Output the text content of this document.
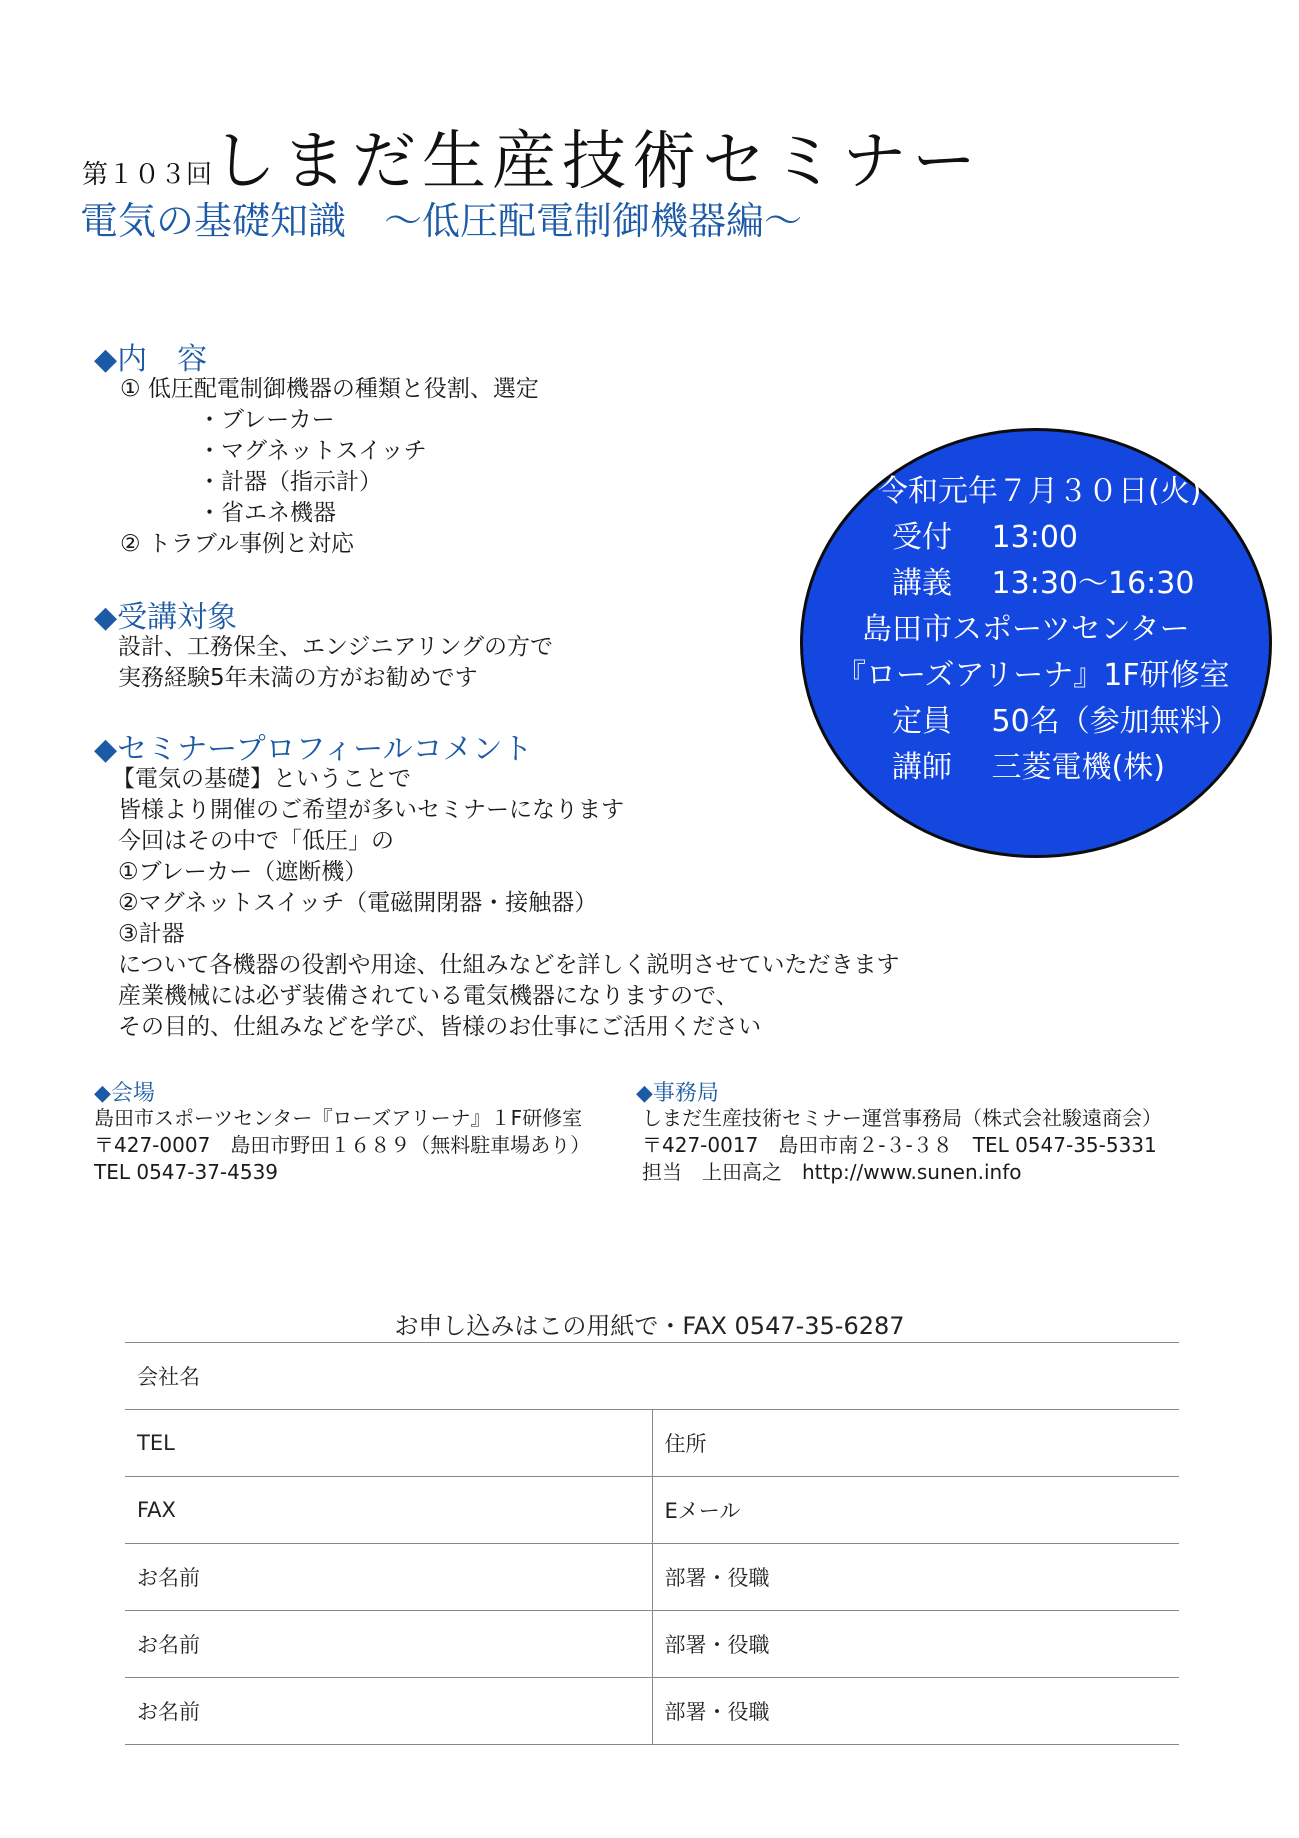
第１０３回しまだ生産技術セミナー
電気の基礎知識　～低圧配電制御機器編～
◆内　容
① 低圧配電制御機器の種類と役割、選定
・ブレーカー
・マグネットスイッチ
・計器（指示計）
・省エネ機器
② トラブル事例と対応
◆受講対象
設計、工務保全、エンジニアリングの方で
実務経験5年未満の方がお勧めです
◆セミナープロフィールコメント
【電気の基礎】ということで
皆様より開催のご希望が多いセミナーになります
今回はその中で「低圧」の
①ブレーカー（遮断機）
②マグネットスイッチ（電磁開閉器・接触器）
③計器
について各機器の役割や用途、仕組みなどを詳しく説明させていただきます
産業機械には必ず装備されている電気機器になりますので、
その目的、仕組みなどを学び、皆様のお仕事にご活用ください
令和元年７月３０日(火)
受付　 13:00
講義　 13:30～16:30
島田市スポーツセンター
『ローズアリーナ』1F研修室
定員　 50名（参加無料）
講師　 三菱電機(株)
◆会場
島田市スポーツセンター『ローズアリーナ』１F研修室
〒427-0007　島田市野田１６８９（無料駐車場あり）
TEL 0547-37-4539
◆事務局
しまだ生産技術セミナー運営事務局（株式会社駿遠商会）
〒427-0017　島田市南２-３-３８　TEL 0547-35-5331
担当　上田高之　http://www.sunen.info
お申し込みはこの用紙で・FAX 0547-35-6287
会社名
TEL	住所
FAX	Eメール
お名前	部署・役職
お名前	部署・役職
お名前	部署・役職
